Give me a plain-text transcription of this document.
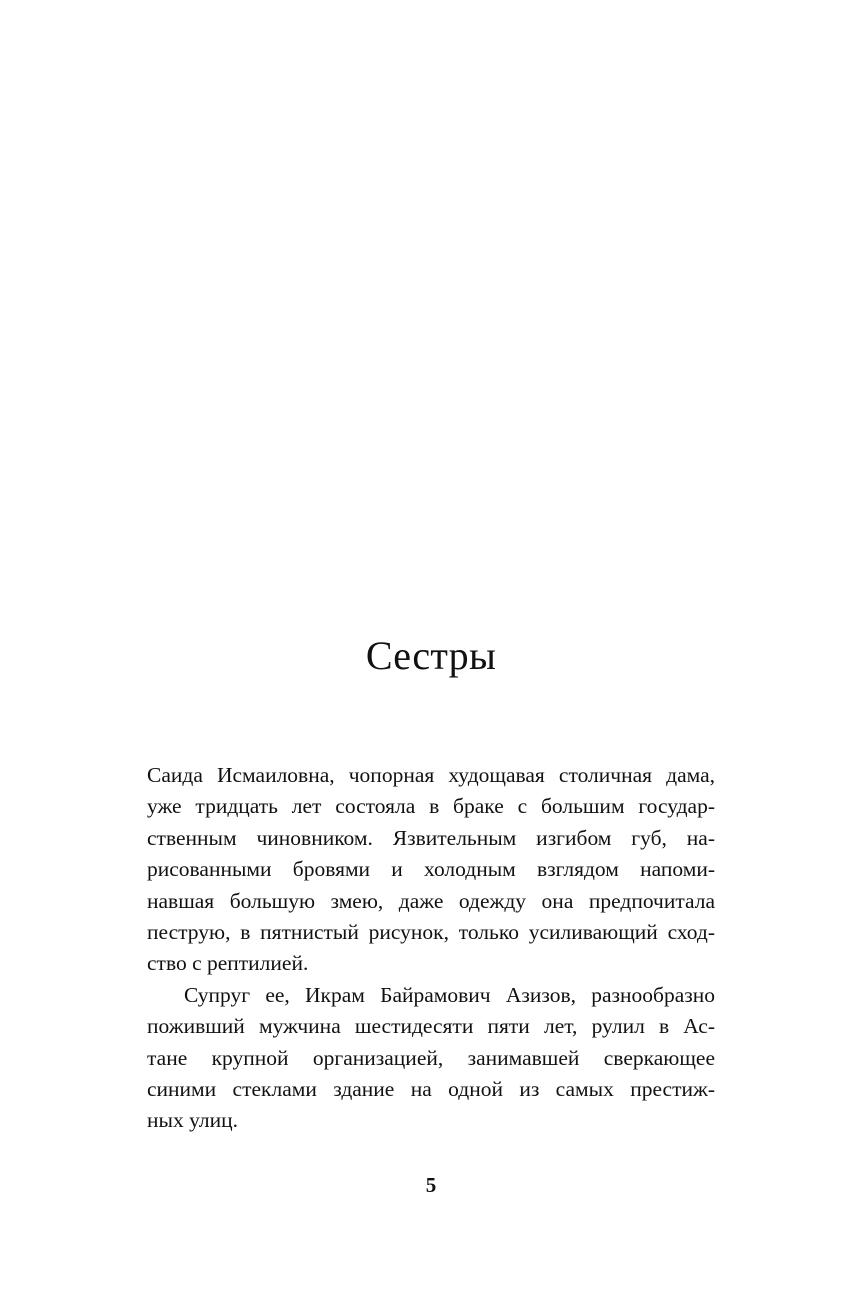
Сестры
Саида Исмаиловна, чопорная худощавая столичная дама,
уже тридцать лет состояла в браке с большим государ-
ственным чиновником. Язвительным изгибом губ, на-
рисованными бровями и холодным взглядом напоми-
навшая большую змею, даже одежду она предпочитала
пеструю, в пятнистый рисунок, только усиливающий сход-
ство с рептилией.
Супруг ее, Икрам Байрамович Азизов, разнообразно
поживший мужчина шестидесяти пяти лет, рулил в Ас-
тане крупной организацией, занимавшей сверкающее
синими стеклами здание на одной из самых престиж-
ных улиц.
5
